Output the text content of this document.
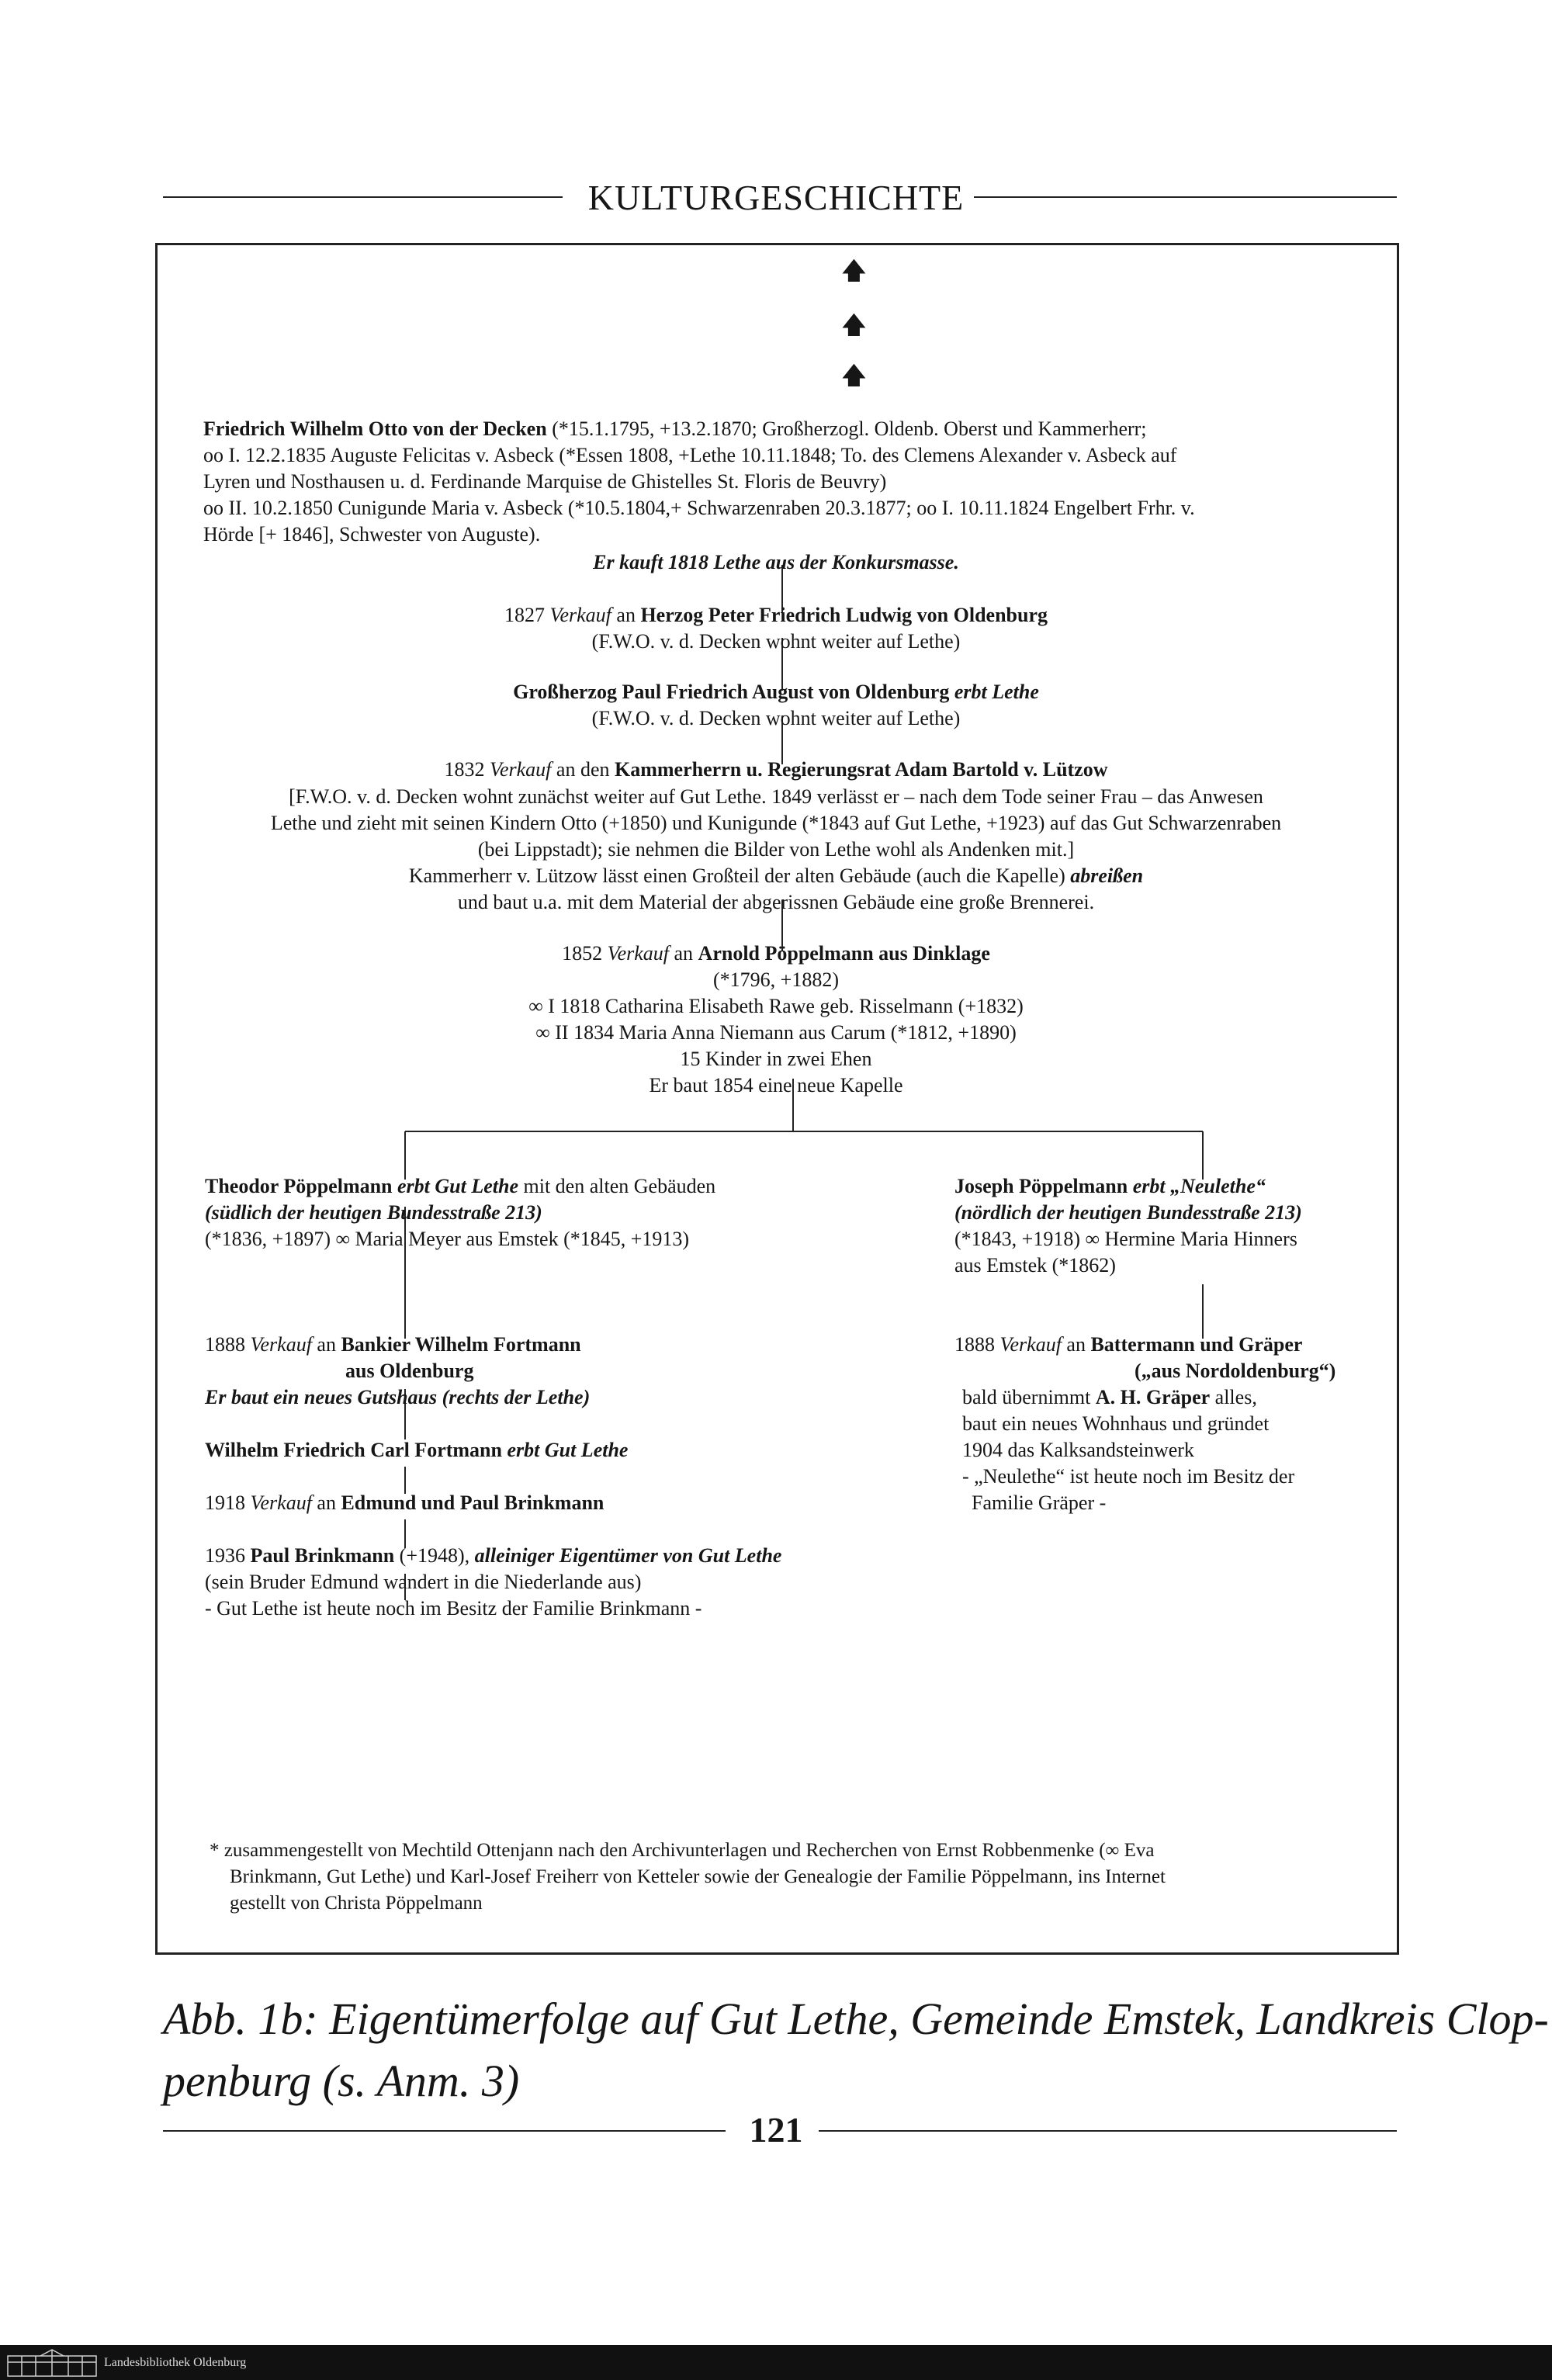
KULTURGESCHICHTE
🡅
🡅
🡅
Friedrich Wilhelm Otto von der Decken (*15.1.1795, +13.2.1870; Großherzogl. Oldenb. Oberst und Kammerherr;
oo I. 12.2.1835 Auguste Felicitas v. Asbeck (*Essen 1808, +Lethe 10.11.1848; To. des Clemens Alexander v. Asbeck auf
Lyren und Nosthausen u. d. Ferdinande Marquise de Ghistelles St. Floris de Beuvry)
oo II. 10.2.1850 Cunigunde Maria v. Asbeck (*10.5.1804,+ Schwarzenraben 20.3.1877; oo I. 10.11.1824 Engelbert Frhr. v.
Hörde [+ 1846], Schwester von Auguste).
Er kauft 1818 Lethe aus der Konkursmasse.
1827 Verkauf an Herzog Peter Friedrich Ludwig von Oldenburg
(F.W.O. v. d. Decken wohnt weiter auf Lethe)
Großherzog Paul Friedrich August von Oldenburg erbt Lethe
(F.W.O. v. d. Decken wohnt weiter auf Lethe)
1832 Verkauf an den Kammerherrn u. Regierungsrat Adam Bartold v. Lützow
[F.W.O. v. d. Decken wohnt zunächst weiter auf Gut Lethe. 1849 verlässt er – nach dem Tode seiner Frau – das Anwesen
Lethe und zieht mit seinen Kindern Otto (+1850) und Kunigunde (*1843 auf Gut Lethe, +1923) auf das Gut Schwarzenraben
(bei Lippstadt); sie nehmen die Bilder von Lethe wohl als Andenken mit.]
Kammerherr v. Lützow lässt einen Großteil der alten Gebäude (auch die Kapelle) abreißen
und baut u.a. mit dem Material der abgerissnen Gebäude eine große Brennerei.
1852 Verkauf an Arnold Pöppelmann aus Dinklage
(*1796, +1882)
∞ I 1818 Catharina Elisabeth Rawe geb. Risselmann (+1832)
∞ II 1834 Maria Anna Niemann aus Carum (*1812, +1890)
15 Kinder in zwei Ehen
Er baut 1854 eine neue Kapelle
Theodor Pöppelmann erbt Gut Lethe mit den alten Gebäuden
(südlich der heutigen Bundesstraße 213)
(*1836, +1897) ∞ Maria Meyer aus Emstek (*1845, +1913)
1888 Verkauf an Bankier Wilhelm Fortmann
aus Oldenburg
Er baut ein neues Gutshaus (rechts der Lethe)
Wilhelm Friedrich Carl Fortmann erbt Gut Lethe
1918 Verkauf an Edmund und Paul Brinkmann
1936 Paul Brinkmann (+1948), alleiniger Eigentümer von Gut Lethe
(sein Bruder Edmund wandert in die Niederlande aus)
- Gut Lethe ist heute noch im Besitz der Familie Brinkmann -
Joseph Pöppelmann erbt „Neulethe“
(nördlich der heutigen Bundesstraße 213)
(*1843, +1918) ∞ Hermine Maria Hinners
aus Emstek (*1862)
1888 Verkauf an Battermann und Gräper
(„aus Nordoldenburg“)
bald übernimmt A. H. Gräper alles,
baut ein neues Wohnhaus und gründet
1904 das Kalksandsteinwerk
- „Neulethe“ ist heute noch im Besitz der
Familie Gräper -
* zusammengestellt von Mechtild Ottenjann nach den Archivunterlagen und Recherchen von Ernst Robbenmenke (∞ Eva
Brinkmann, Gut Lethe) und Karl-Josef Freiherr von Ketteler sowie der Genealogie der Familie Pöppelmann, ins Internet
gestellt von Christa Pöppelmann
Abb. 1b: Eigentümerfolge auf Gut Lethe, Gemeinde Emstek, Landkreis Clop-
penburg (s. Anm. 3)
121
Landesbibliothek Oldenburg
